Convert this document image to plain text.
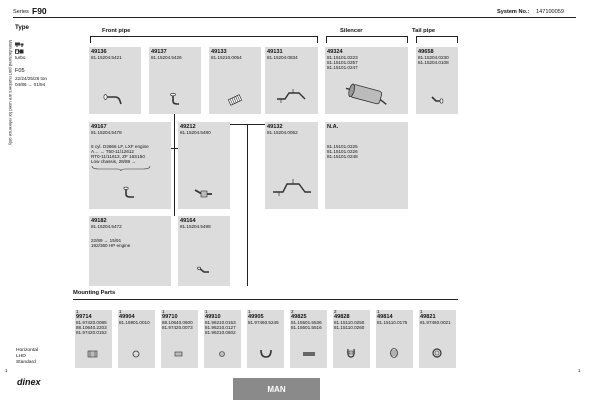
Series F90	System No.: 147100059
Manufactured part numbers are used for reference only
Type
FNL
turbo
F05
22/24/25/26 ton
04/86 → 01/94
Horizontal
LHD
Standard
Front pipe	Silencer	Tail pipe
49136
81.15204.5421
49137
81.15204.5426
49133
81.15210.0054
49131
81.15204.0834
49324
81.15101.0223
81.15101.0257
81.15101.0247
49658
81.15204.0230
81.15204.0108
49167
81.15204.5478
6 cyl. D2866 LF, LXF engine
A… → T50-11/12612
RT0-11/11613, ZF 16S150
Low chassis, 28/88 →
49212
81.15204.5480
49132
81.15204.0052
N.A.
81.15101.0225
81.15101.0226
81.15101.0248
49182
81.15204.5472
22/89 → 15/91
192/360 HP engine
49164
81.15204.5498
Mounting Parts
1
99714
81.97420.0085
88.10640.2203
81.97420.0152
1
49904
81.15901.0010
1
99710
88.10640.0600
81.97420.0073
1
49910
81.96210.0153
81.96210.0127
81.96210.0602
1
49905
81.97460.5245
2
49825
81.15501.5536
81.15501.5516
2
49828
81.15110.0250
81.15110.0260
1
49814
81.15110.0175
1
49821
81.97460.0021
1	1
dinex
MAN
